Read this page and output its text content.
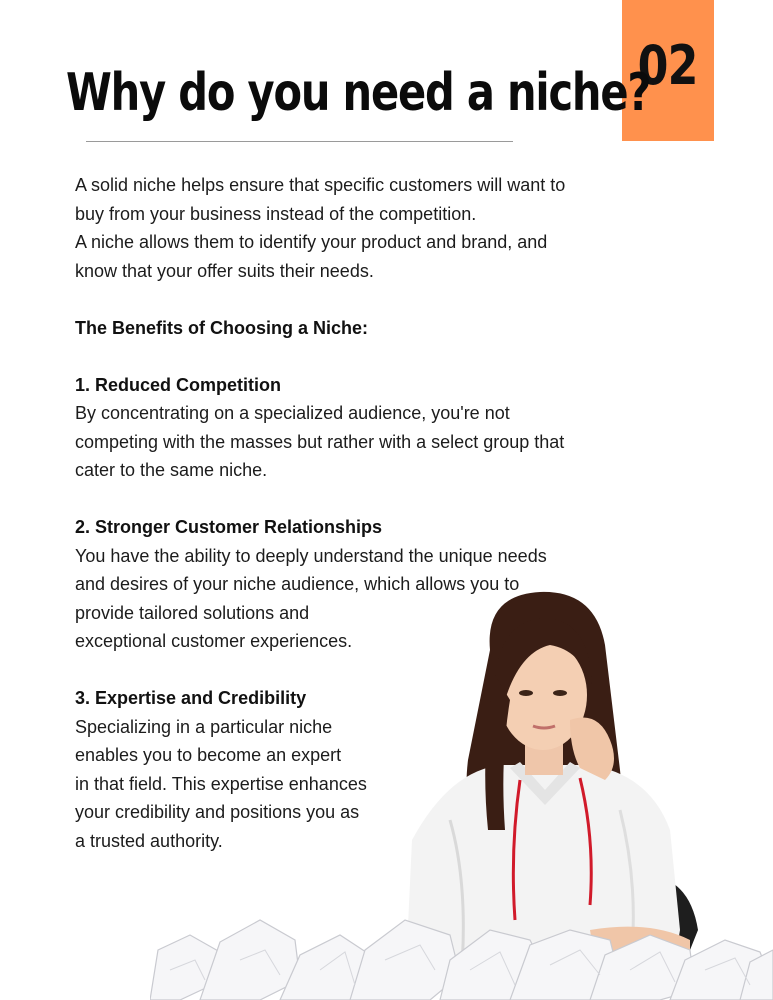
02
Why do you need a niche?

A solid niche helps ensure that specific customers will want to
buy from your business instead of the competition.
A niche allows them to identify your product and brand, and
know that your offer suits their needs.

The Benefits of Choosing a Niche:

1. Reduced Competition

By concentrating on a specialized audience, you're not
competing with the masses but rather with a select group that
cater to the same niche.

2. Stronger Customer Relationships

You have the ability to deeply understand the unique needs
and desires of your niche audience, which allows you to
provide tailored solutions and
exceptional customer experiences.

3. Expertise and Credibility

Specializing in a particular niche
enables you to become an expert
in that field. This expertise enhances
your credibility and positions you as
a trusted authority.
